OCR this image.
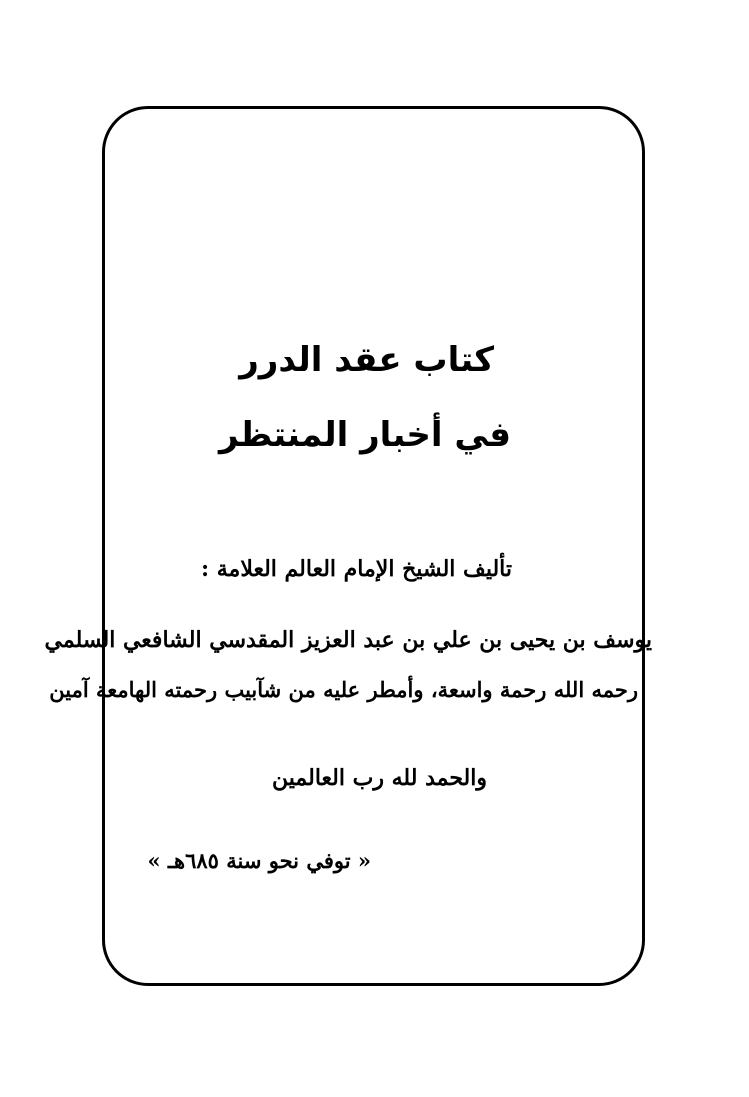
كتاب عقد الدرر
في أخبار المنتظر
تأليف الشيخ الإمام العالم العلامة :
يوسف بن يحيى بن علي بن عبد العزيز المقدسي الشافعي السلمي
رحمه الله رحمة واسعة، وأمطر عليه من شآبيب رحمته الهامعة آمين
والحمد لله رب العالمين
« توفي نحو سنة ٦٨٥هـ »
